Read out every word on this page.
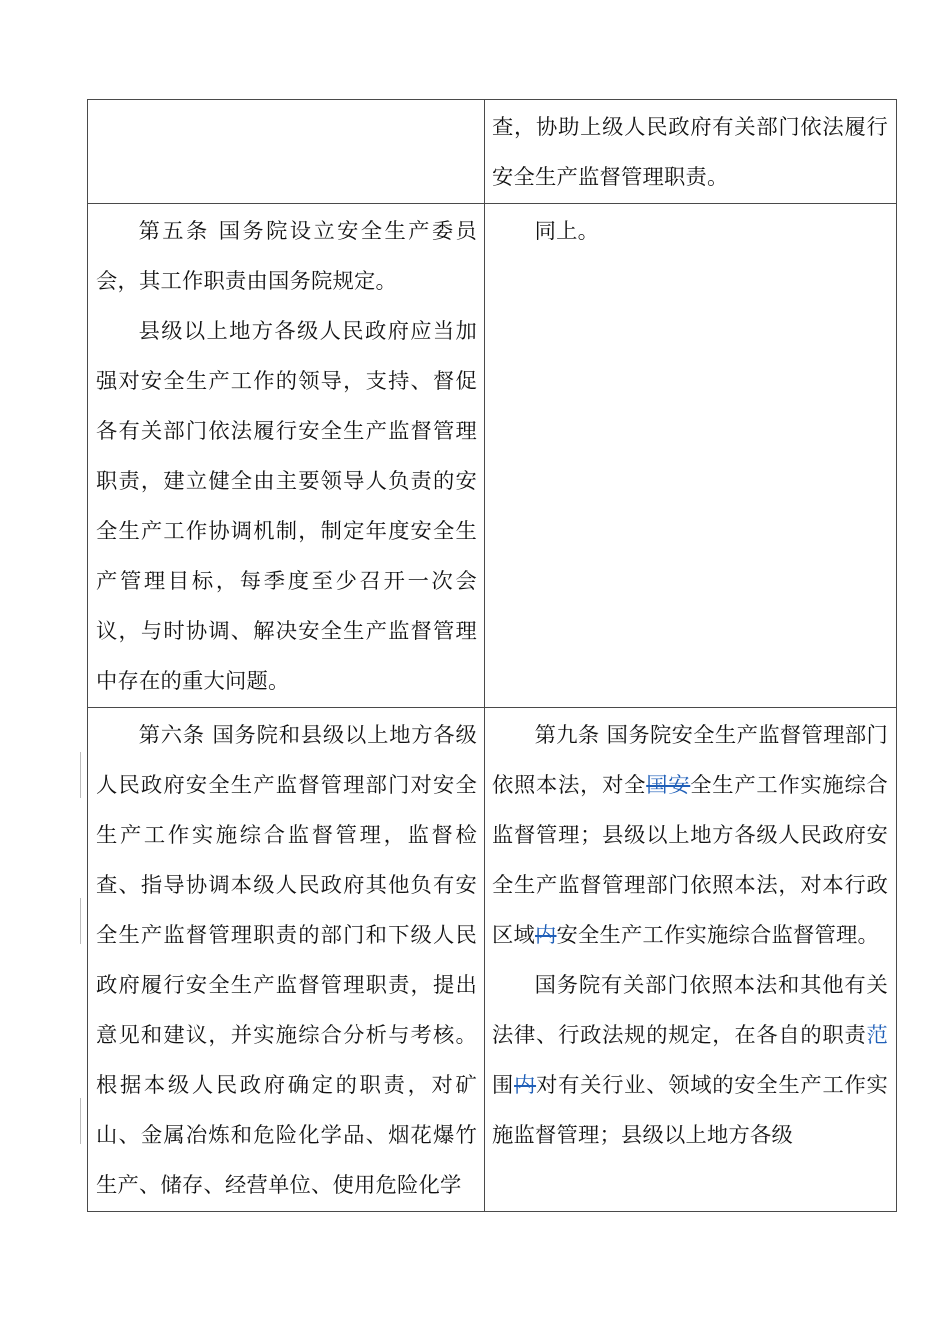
	查，协助上级人民政府有关部门依法履行安全生产监督管理职责。

第五条 国务院设立安全生产委员会，其工作职责由国务院规定。

县级以上地方各级人民政府应当加强对安全生产工作的领导，支持、督促各有关部门依法履行安全生产监督管理职责，建立健全由主要领导人负责的安全生产工作协调机制，制定年度安全生产管理目标，每季度至少召开一次会议，与时协调、解决安全生产监督管理中存在的重大问题。	同上。

第六条 国务院和县级以上地方各级人民政府安全生产监督管理部门对安全生产工作实施综合监督管理，监督检查、指导协调本级人民政府其他负有安全生产监督管理职责的部门和下级人民政府履行安全生产监督管理职责，提出意见和建议，并实施综合分析与考核。根据本级人民政府确定的职责，对矿山、金属冶炼和危险化学品、烟花爆竹生产、储存、经营单位、使用危险化学	第九条 国务院安全生产监督管理部门依照本法，对全国安全生产工作实施综合监督管理；县级以上地方各级人民政府安全生产监督管理部门依照本法，对本行政区域内安全生产工作实施综合监督管理。

国务院有关部门依照本法和其他有关法律、行政法规的规定，在各自的职责范围内对有关行业、领域的安全生产工作实施监督管理；县级以上地方各级
